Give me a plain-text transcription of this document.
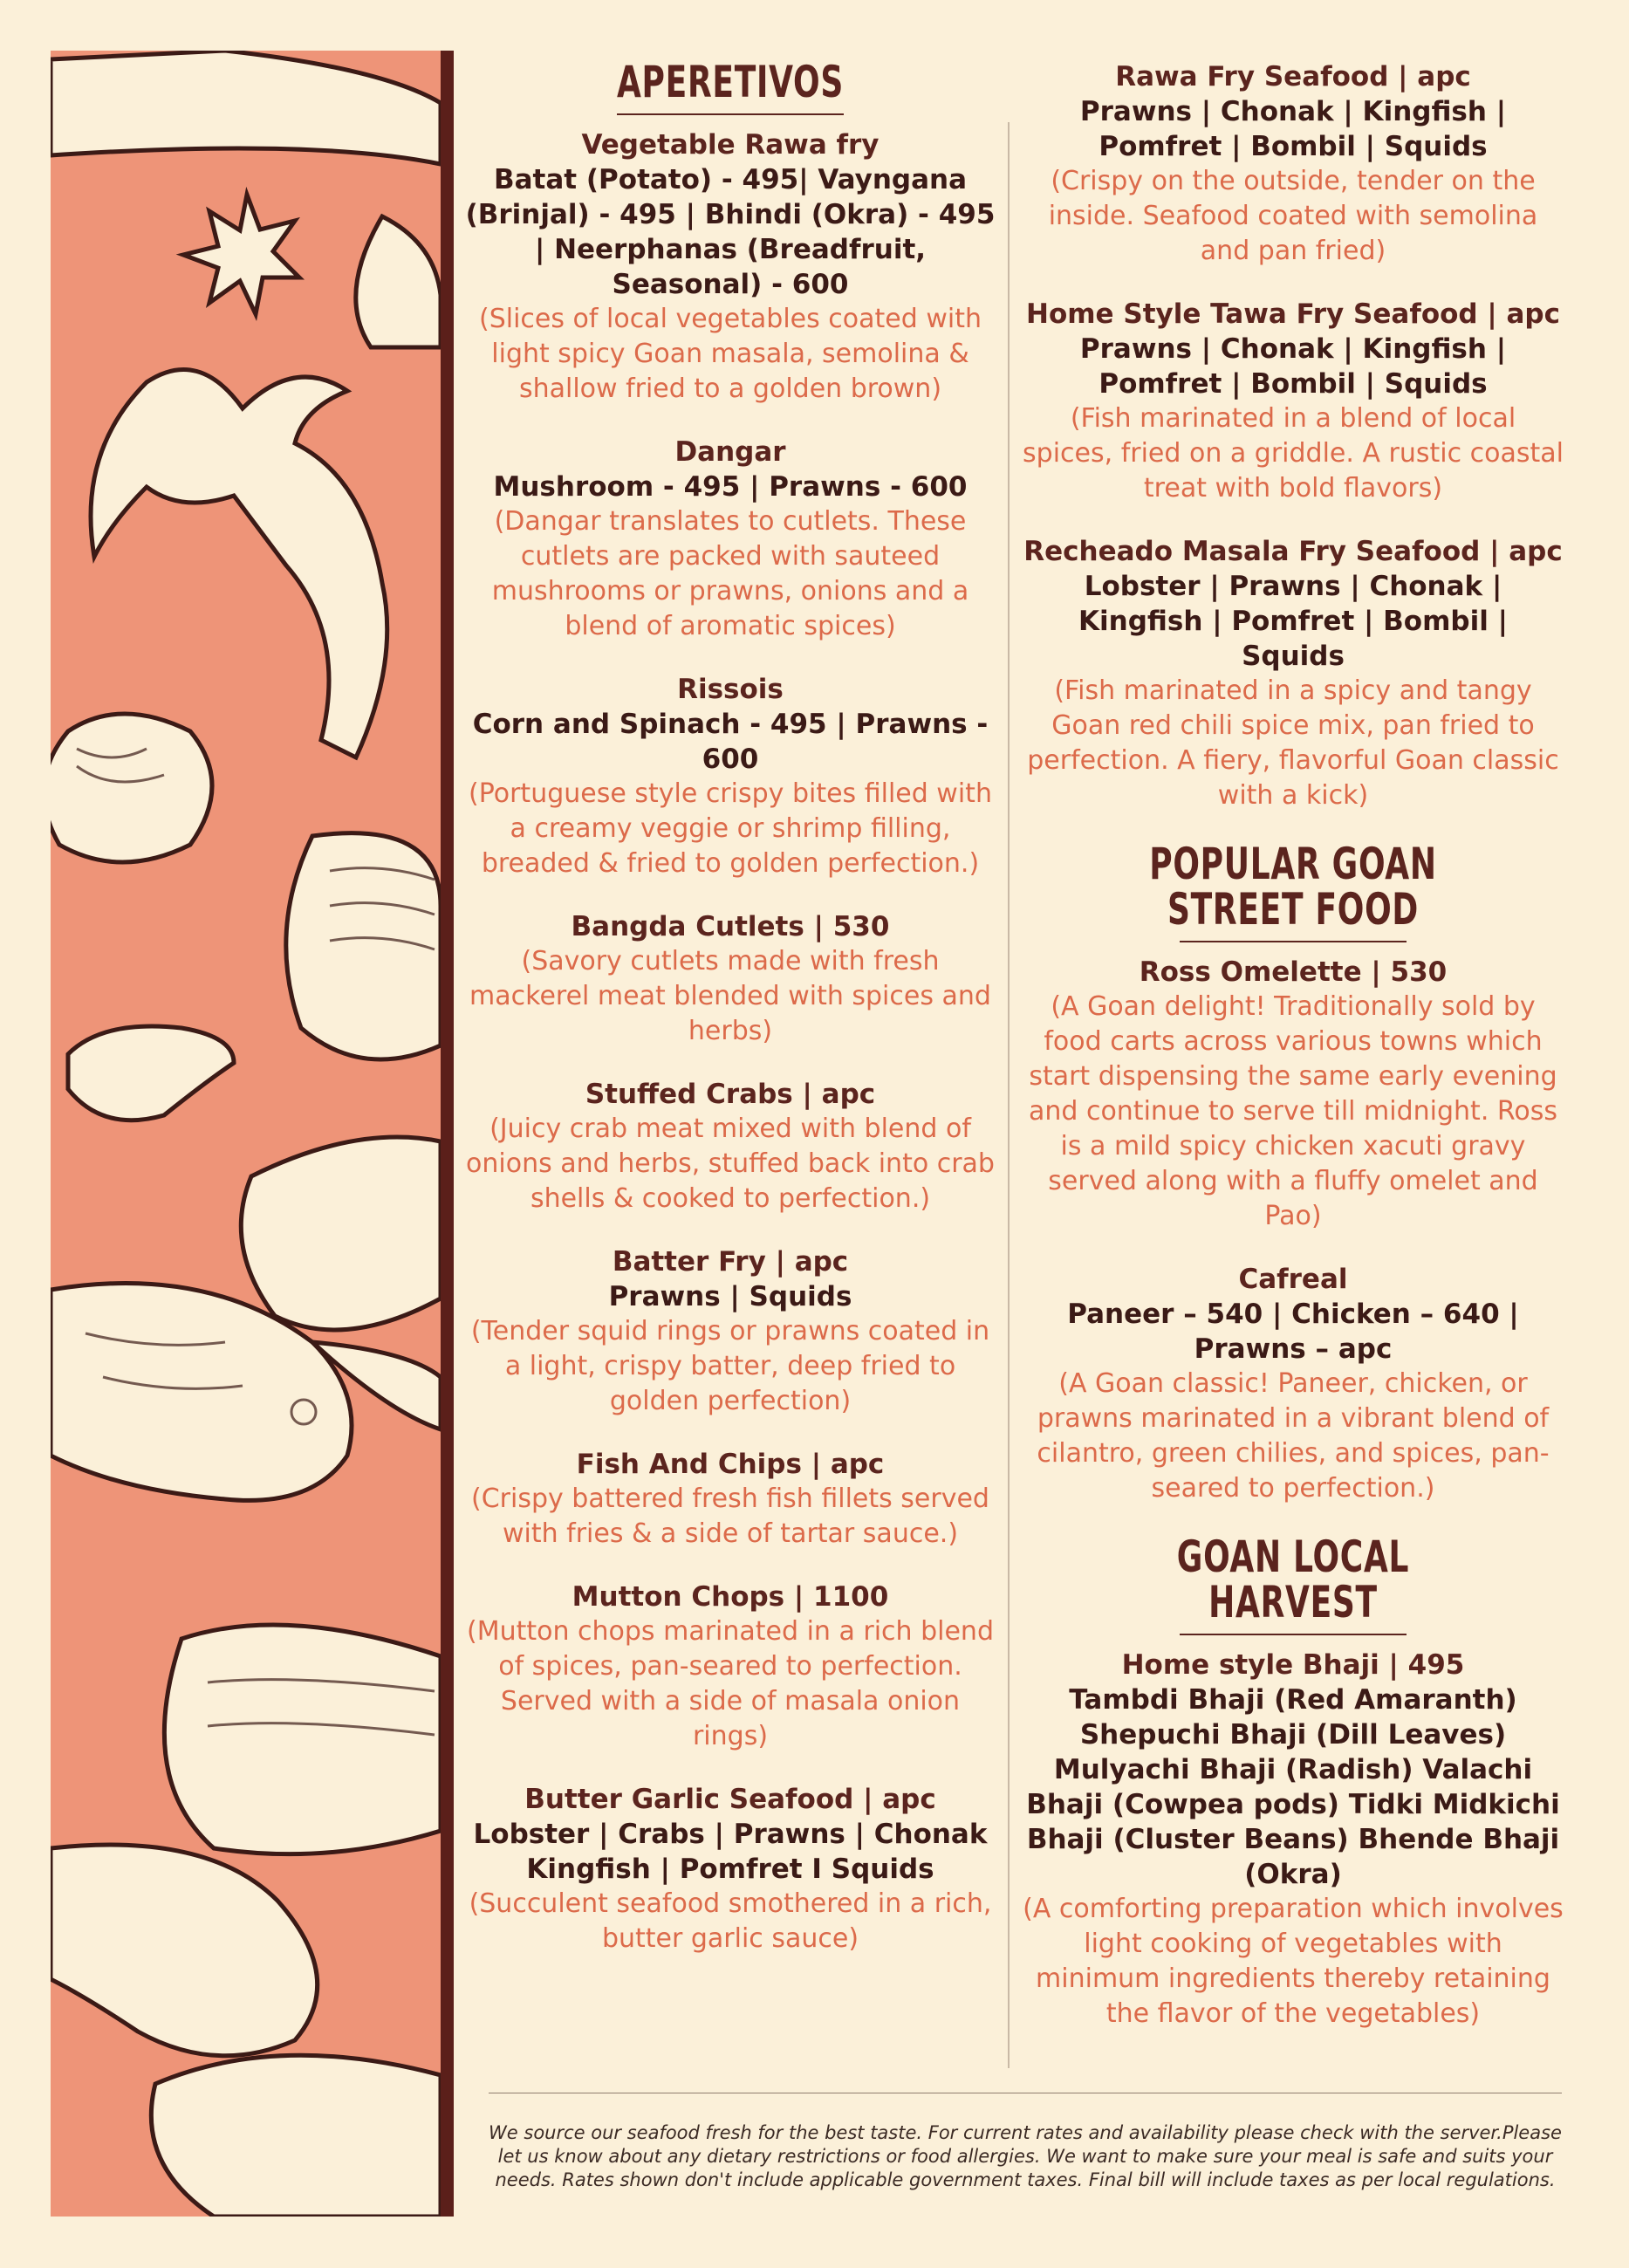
APERETIVOS

Vegetable Rawa fry

Batat (Potato) - 495| Vayngana (Brinjal) - 495 | Bhindi (Okra) - 495 | Neerphanas (Breadfruit, Seasonal) - 600

(Slices of local vegetables coated with light spicy Goan masala, semolina & shallow fried to a golden brown)

Dangar

Mushroom - 495 | Prawns - 600

(Dangar translates to cutlets. These cutlets are packed with sauteed mushrooms or prawns, onions and a blend of aromatic spices)

Rissois

Corn and Spinach - 495 | Prawns - 600

(Portuguese style crispy bites filled with a creamy veggie or shrimp filling, breaded & fried to golden perfection.)

Bangda Cutlets | 530

(Savory cutlets made with fresh mackerel meat blended with spices and herbs)

Stuffed Crabs | apc

(Juicy crab meat mixed with blend of onions and herbs, stuffed back into crab shells & cooked to perfection.)

Batter Fry | apc

Prawns | Squids

(Tender squid rings or prawns coated in a light, crispy batter, deep fried to golden perfection)

Fish And Chips | apc

(Crispy battered fresh fish fillets served with fries & a side of tartar sauce.)

Mutton Chops | 1100

(Mutton chops marinated in a rich blend of spices, pan-seared to perfection. Served with a side of masala onion rings)

Butter Garlic Seafood | apc

Lobster | Crabs | Prawns | Chonak Kingfish | Pomfret I Squids

(Succulent seafood smothered in a rich, butter garlic sauce)

Rawa Fry Seafood | apc

Prawns | Chonak | Kingfish | Pomfret | Bombil | Squids

(Crispy on the outside, tender on the inside. Seafood coated with semolina and pan fried)

Home Style Tawa Fry Seafood | apc

Prawns | Chonak | Kingfish | Pomfret | Bombil | Squids

(Fish marinated in a blend of local spices, fried on a griddle. A rustic coastal treat with bold flavors)

Recheado Masala Fry Seafood | apc

Lobster | Prawns | Chonak | Kingfish | Pomfret | Bombil | Squids

(Fish marinated in a spicy and tangy Goan red chili spice mix, pan fried to perfection. A fiery, flavorful Goan classic with a kick)

POPULAR GOAN
STREET FOOD

Ross Omelette | 530

(A Goan delight! Traditionally sold by food carts across various towns which start dispensing the same early evening and continue to serve till midnight. Ross is a mild spicy chicken xacuti gravy served along with a fluffy omelet and Pao)

Cafreal

Paneer – 540 | Chicken – 640 | Prawns – apc

(A Goan classic! Paneer, chicken, or prawns marinated in a vibrant blend of cilantro, green chilies, and spices, pan-seared to perfection.)

GOAN LOCAL HARVEST

Home style Bhaji | 495

Tambdi Bhaji (Red Amaranth) Shepuchi Bhaji (Dill Leaves) Mulyachi Bhaji (Radish) Valachi Bhaji (Cowpea pods) Tidki Midkichi Bhaji (Cluster Beans) Bhende Bhaji (Okra)

(A comforting preparation which involves light cooking of vegetables with minimum ingredients thereby retaining the flavor of the vegetables)

We source our seafood fresh for the best taste. For current rates and availability please check with the server.Please let us know about any dietary restrictions or food allergies. We want to make sure your meal is safe and suits your needs. Rates shown don't include applicable government taxes. Final bill will include taxes as per local regulations.
